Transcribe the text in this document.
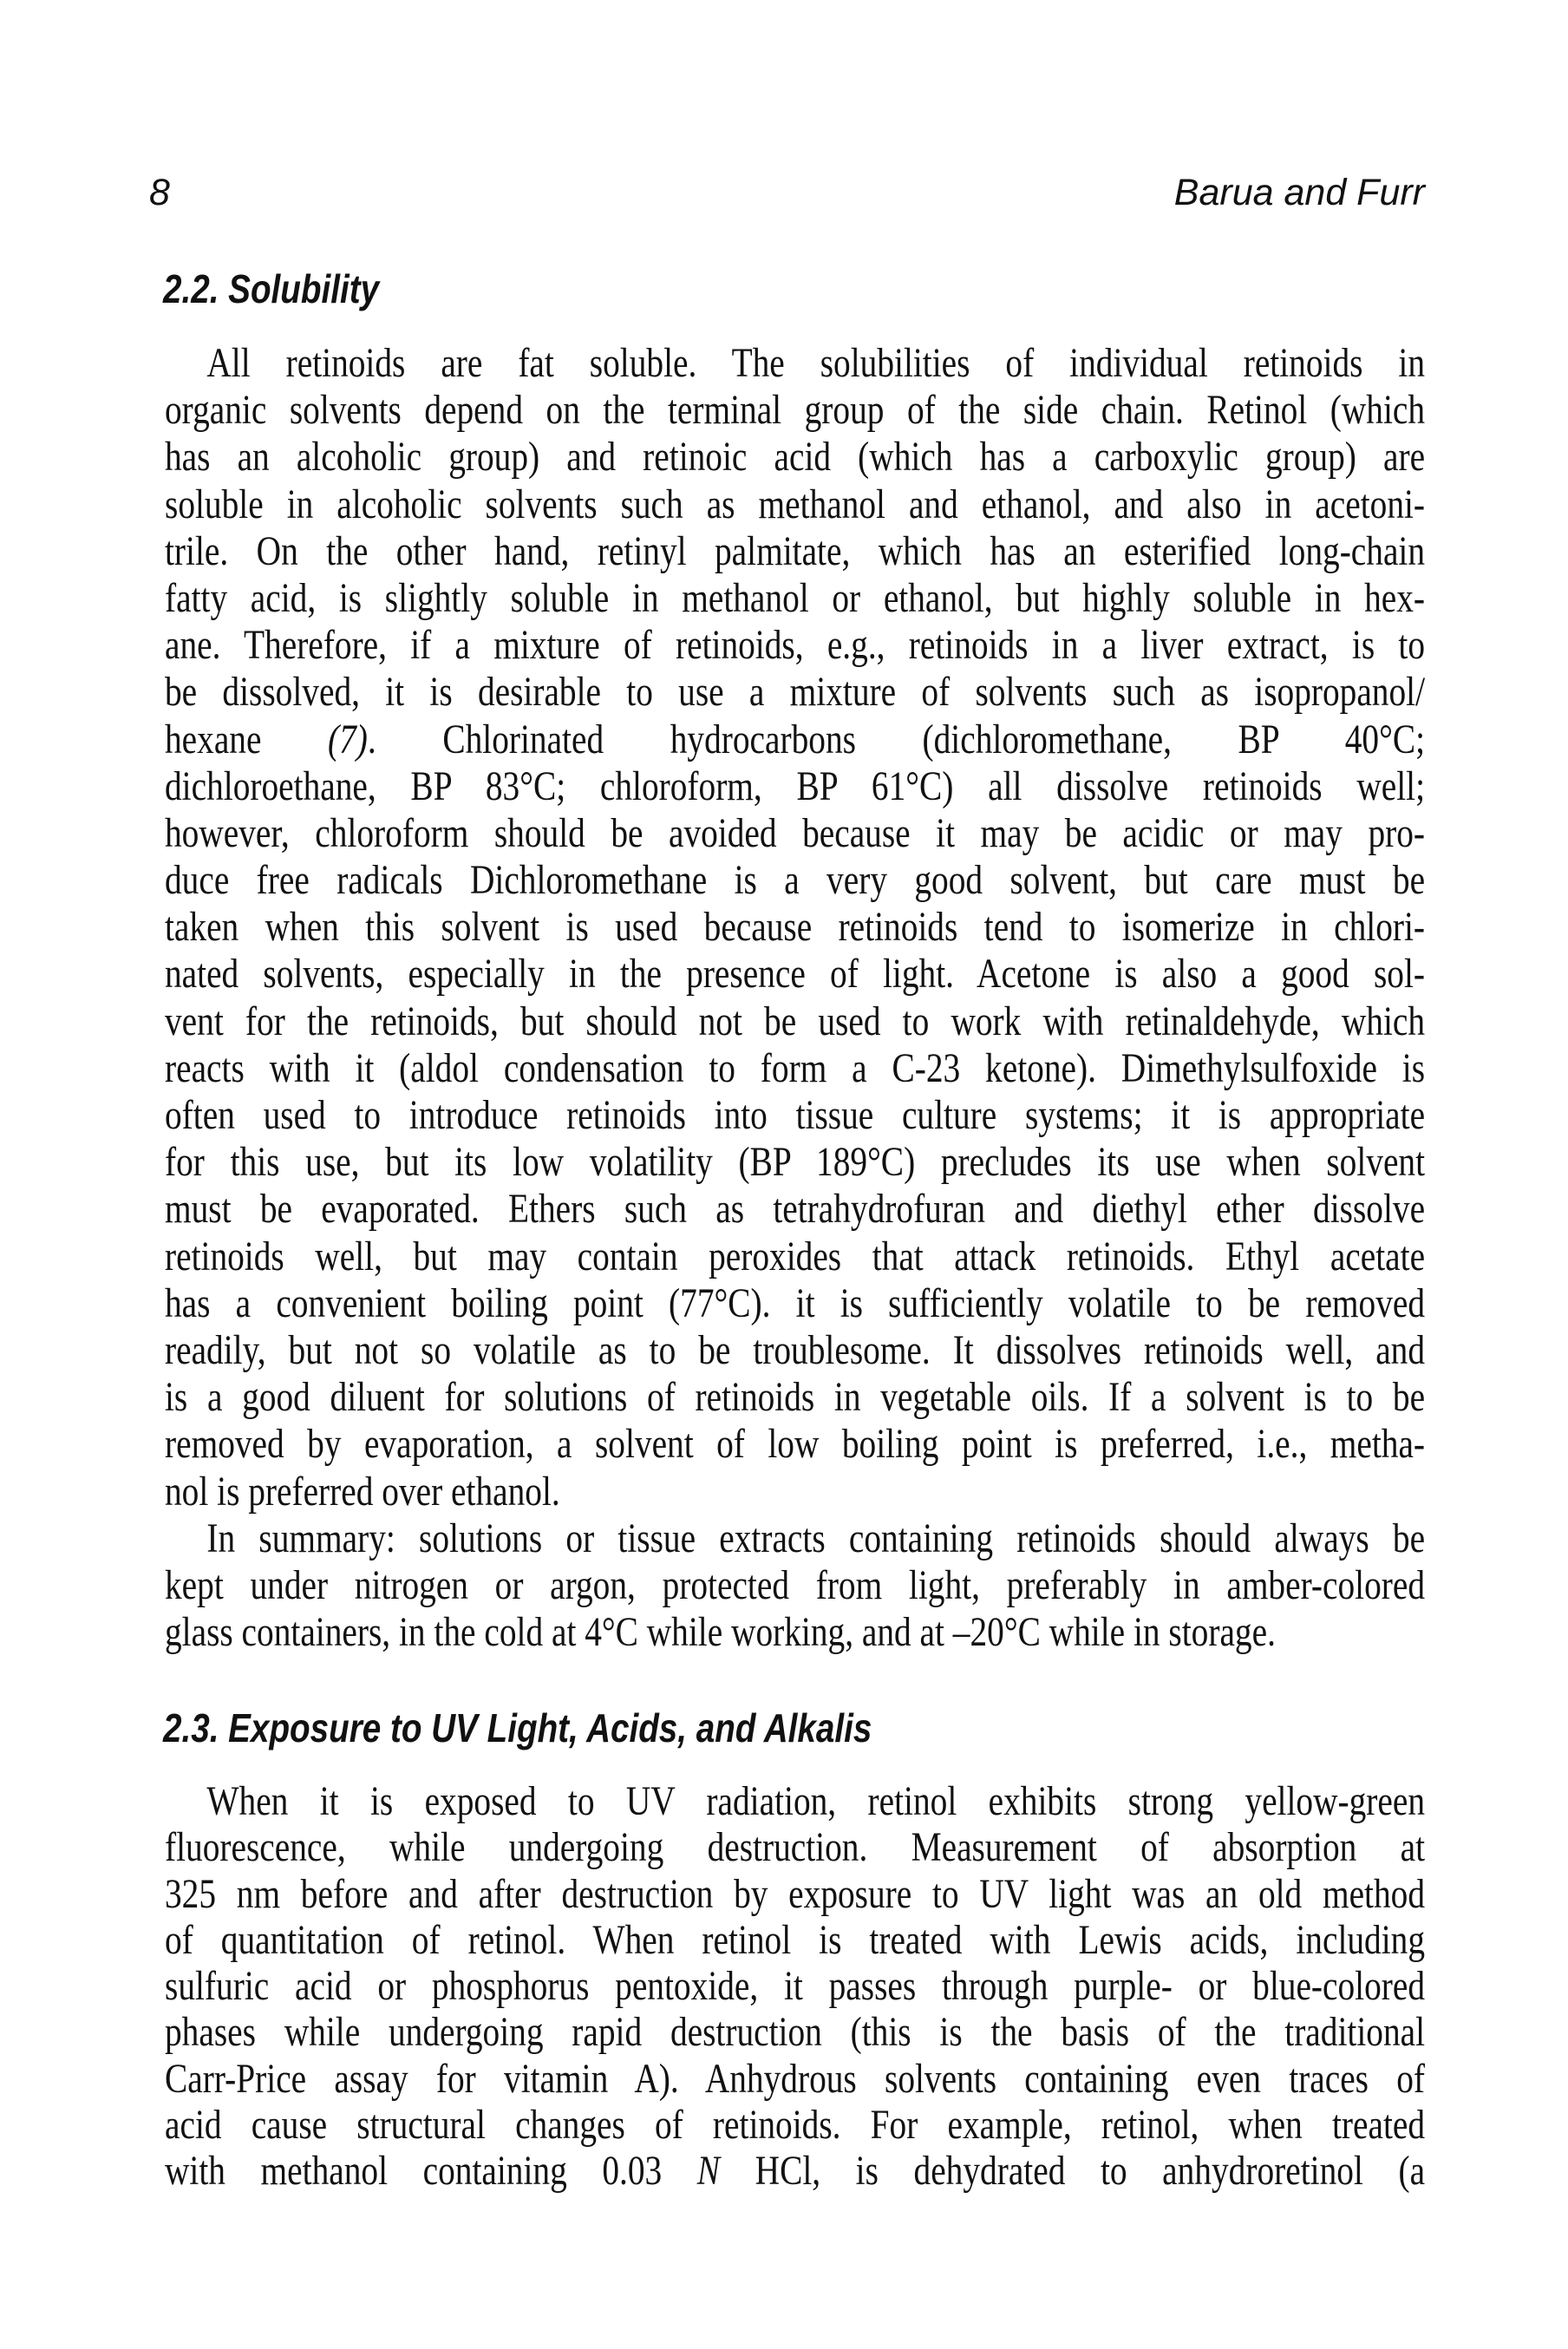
8	Barua and Furr
2.2. Solubility
All retinoids are fat soluble. The solubilities of individual retinoids in
organic solvents depend on the terminal group of the side chain. Retinol (which
has an alcoholic group) and retinoic acid (which has a carboxylic group) are
soluble in alcoholic solvents such as methanol and ethanol, and also in acetoni-
trile. On the other hand, retinyl palmitate, which has an esterified long-chain
fatty acid, is slightly soluble in methanol or ethanol, but highly soluble in hex-
ane. Therefore, if a mixture of retinoids, e.g., retinoids in a liver extract, is to
be dissolved, it is desirable to use a mixture of solvents such as isopropanol/
hexane (7). Chlorinated hydrocarbons (dichloromethane, BP 40°C;
dichloroethane, BP 83°C; chloroform, BP 61°C) all dissolve retinoids well;
however, chloroform should be avoided because it may be acidic or may pro-
duce free radicals Dichloromethane is a very good solvent, but care must be
taken when this solvent is used because retinoids tend to isomerize in chlori-
nated solvents, especially in the presence of light. Acetone is also a good sol-
vent for the retinoids, but should not be used to work with retinaldehyde, which
reacts with it (aldol condensation to form a C-23 ketone). Dimethylsulfoxide is
often used to introduce retinoids into tissue culture systems; it is appropriate
for this use, but its low volatility (BP 189°C) precludes its use when solvent
must be evaporated. Ethers such as tetrahydrofuran and diethyl ether dissolve
retinoids well, but may contain peroxides that attack retinoids. Ethyl acetate
has a convenient boiling point (77°C). it is sufficiently volatile to be removed
readily, but not so volatile as to be troublesome. It dissolves retinoids well, and
is a good diluent for solutions of retinoids in vegetable oils. If a solvent is to be
removed by evaporation, a solvent of low boiling point is preferred, i.e., metha-
nol is preferred over ethanol.
In summary: solutions or tissue extracts containing retinoids should always be
kept under nitrogen or argon, protected from light, preferably in amber-colored
glass containers, in the cold at 4°C while working, and at –20°C while in storage.
2.3. Exposure to UV Light, Acids, and Alkalis
When it is exposed to UV radiation, retinol exhibits strong yellow-green
fluorescence, while undergoing destruction. Measurement of absorption at
325 nm before and after destruction by exposure to UV light was an old method
of quantitation of retinol. When retinol is treated with Lewis acids, including
sulfuric acid or phosphorus pentoxide, it passes through purple- or blue-colored
phases while undergoing rapid destruction (this is the basis of the traditional
Carr-Price assay for vitamin A). Anhydrous solvents containing even traces of
acid cause structural changes of retinoids. For example, retinol, when treated
with methanol containing 0.03 N HCl, is dehydrated to anhydroretinol (a
